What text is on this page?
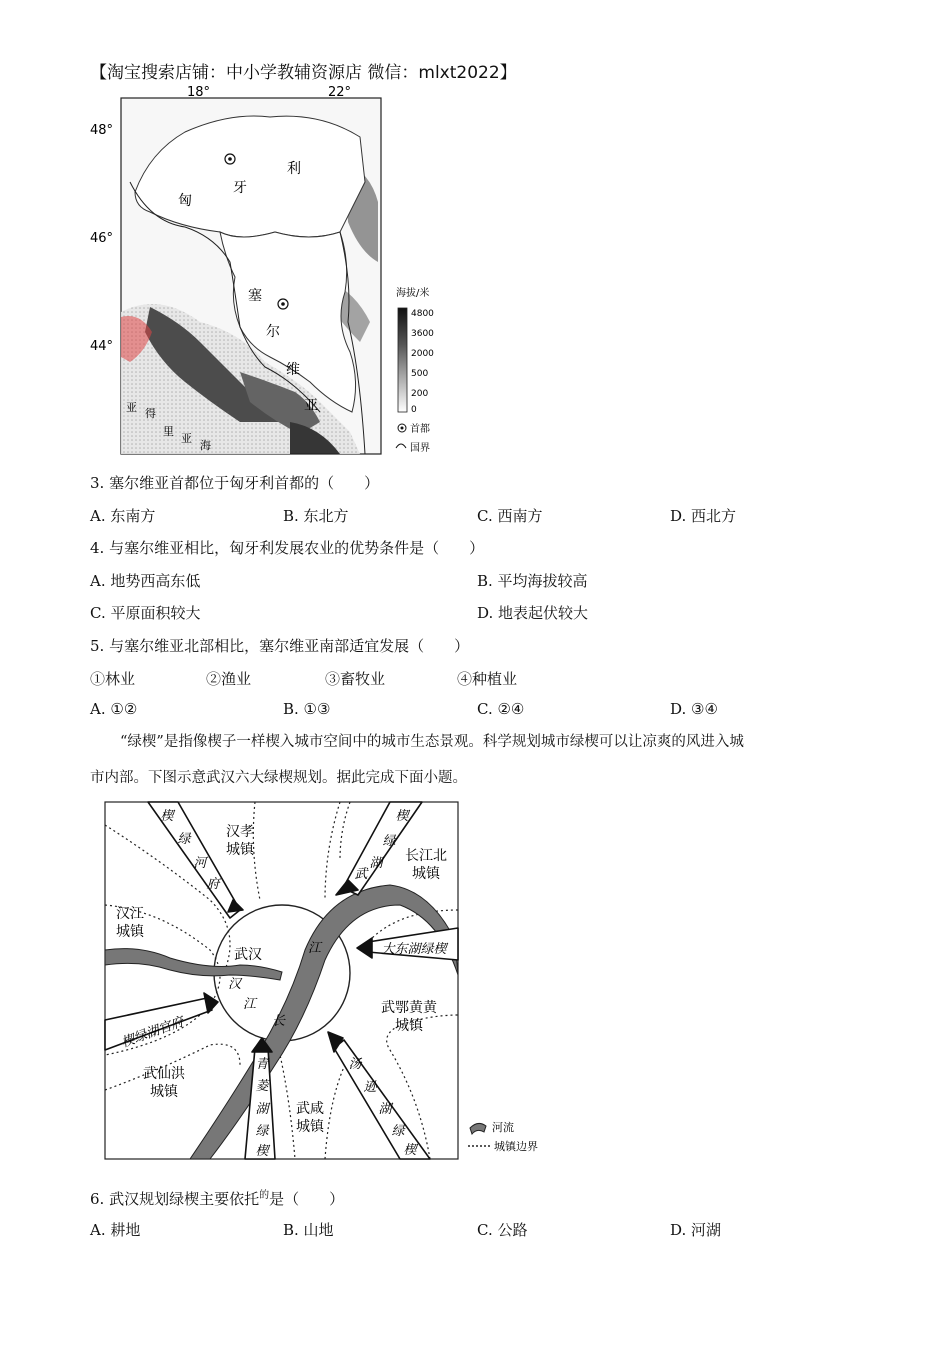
【淘宝搜索店铺：中小学教辅资源店 微信：mlxt2022】
18°	22°
48°
46°
44°
匈
牙
利
塞
尔
维
亚
亚 得
里
亚
海
海拔/米
4800
3600
2000
500
200
0
首都
国界
3. 塞尔维亚首都位于匈牙利首都的（　　）
A. 东南方	B. 东北方	C. 西南方	D. 西北方
4. 与塞尔维亚相比，匈牙利发展农业的优势条件是（　　）
A. 地势西高东低	B. 平均海拔较高
C. 平原面积较大	D. 地表起伏较大
5. 与塞尔维亚北部相比，塞尔维亚南部适宜发展（　　）
①林业	②渔业	③畜牧业	④种植业
A. ①②	B. ①③	C. ②④	D. ③④
“绿楔”是指像楔子一样楔入城市空间中的城市生态景观。科学规划城市绿楔可以让凉爽的风进入城
市内部。下图示意武汉六大绿楔规划。据此完成下面小题。
汉孝
城镇	长江北
城镇
汉江
城镇
武鄂黄黄
城镇
武仙洪
城镇
武咸
城镇
武汉	江
汉
江
长
楔
绿
河
府
楔
绿
湖
武
大东湖绿楔
楔绿湖官府
汤
逊
湖
绿
楔
青
菱
湖
绿
楔
河流
城镇边界
6. 武汉规划绿楔主要依托$^的$是（　　）
A. 耕地	B. 山地	C. 公路	D. 河湖
